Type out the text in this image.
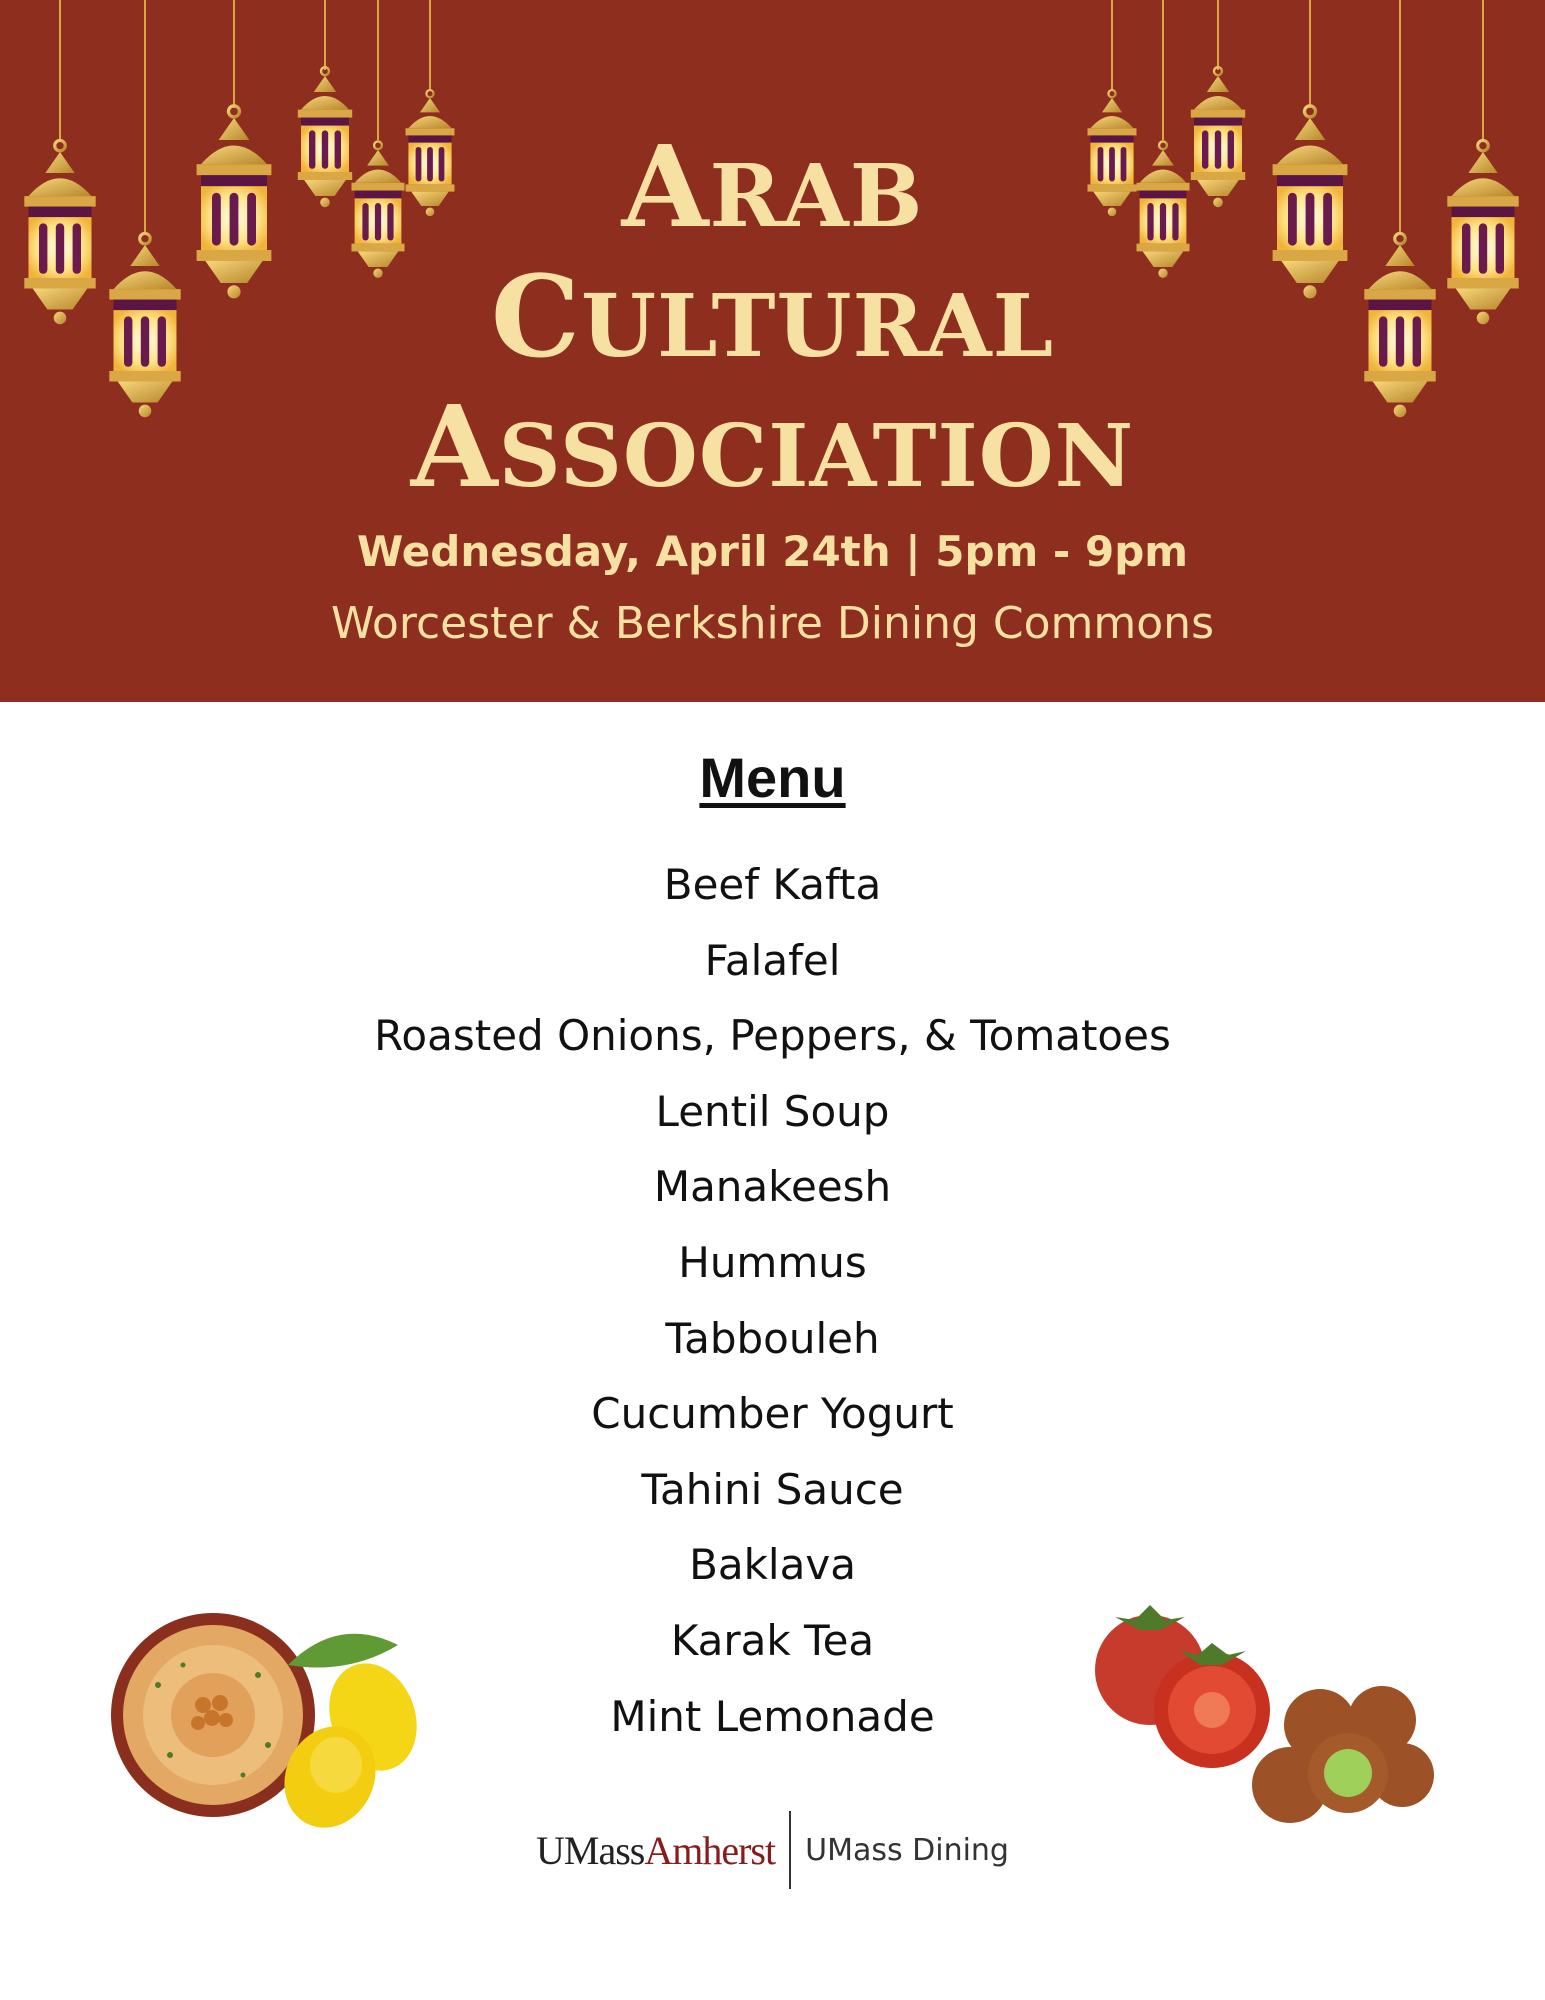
ARAB
CULTURAL
ASSOCIATION

Wednesday, April 24th | 5pm - 9pm

Worcester & Berkshire Dining Commons

Menu
Beef Kafta
Falafel
Roasted Onions, Peppers, & Tomatoes
Lentil Soup
Manakeesh
Hummus
Tabbouleh
Cucumber Yogurt
Tahini Sauce
Baklava
Karak Tea
Mint Lemonade
UMassAmherst UMass Dining
